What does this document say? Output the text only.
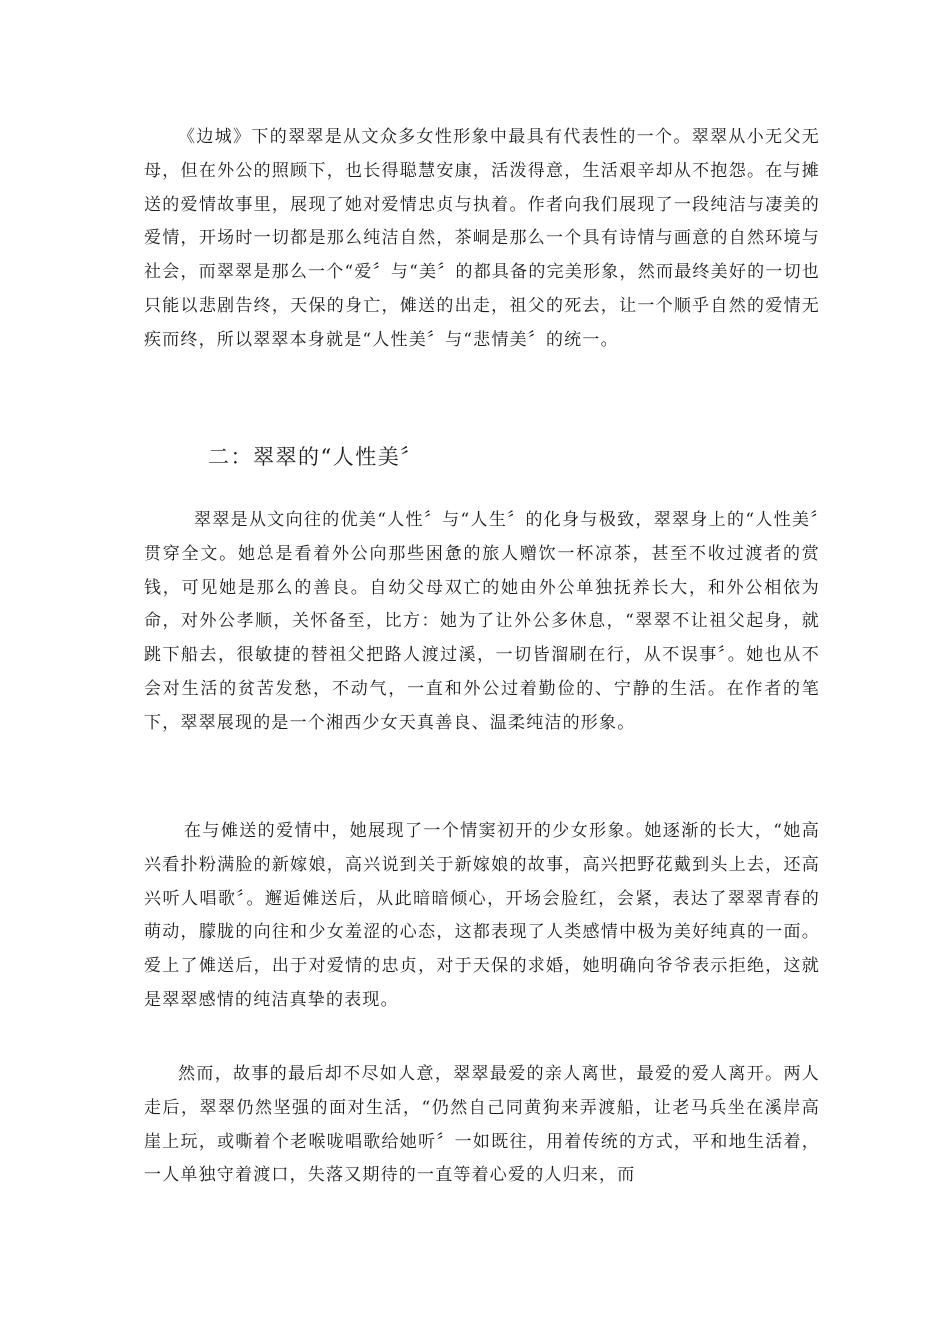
《边城》下的翠翠是从文众多女性形象中最具有代表性的一个。翠翠从小无父无母，但在外公的照顾下，也长得聪慧安康，活泼得意，生活艰辛却从不抱怨。在与摊送的爱情故事里，展现了她对爱情忠贞与执着。作者向我们展现了一段纯洁与凄美的爱情，开场时一切都是那么纯洁自然，茶峒是那么一个具有诗情与画意的自然环境与社会，而翠翠是那么一个“爱〞与“美〞的都具备的完美形象，然而最终美好的一切也只能以悲剧告终，天保的身亡，傩送的出走，祖父的死去，让一个顺乎自然的爱情无疾而终，所以翠翠本身就是“人性美〞与“悲情美〞的统一。

二：翠翠的“人性美〞

翠翠是从文向往的优美“人性〞与“人生〞的化身与极致，翠翠身上的“人性美〞贯穿全文。她总是看着外公向那些困惫的旅人赠饮一杯凉茶，甚至不收过渡者的赏钱，可见她是那么的善良。自幼父母双亡的她由外公单独抚养长大，和外公相依为命，对外公孝顺，关怀备至，比方：她为了让外公多休息，“翠翠不让祖父起身，就跳下船去，很敏捷的替祖父把路人渡过溪，一切皆溜刷在行，从不误事〞。她也从不会对生活的贫苦发愁，不动气，一直和外公过着勤俭的、宁静的生活。在作者的笔下，翠翠展现的是一个湘西少女天真善良、温柔纯洁的形象。

在与傩送的爱情中，她展现了一个情窦初开的少女形象。她逐渐的长大，“她高兴看扑粉满脸的新嫁娘，高兴说到关于新嫁娘的故事，高兴把野花戴到头上去，还高兴听人唱歌〞。邂逅傩送后，从此暗暗倾心，开场会脸红，会紧，表达了翠翠青春的萌动，朦胧的向往和少女羞涩的心态，这都表现了人类感情中极为美好纯真的一面。爱上了傩送后，出于对爱情的忠贞，对于天保的求婚，她明确向爷爷表示拒绝，这就是翠翠感情的纯洁真挚的表现。

然而，故事的最后却不尽如人意，翠翠最爱的亲人离世，最爱的爱人离开。两人走后，翠翠仍然坚强的面对生活，“仍然自己同黄狗来弄渡船，让老马兵坐在溪岸高崖上玩，或嘶着个老喉咙唱歌给她听〞一如既往，用着传统的方式，平和地生活着，一人单独守着渡口，失落又期待的一直等着心爱的人归来，而
